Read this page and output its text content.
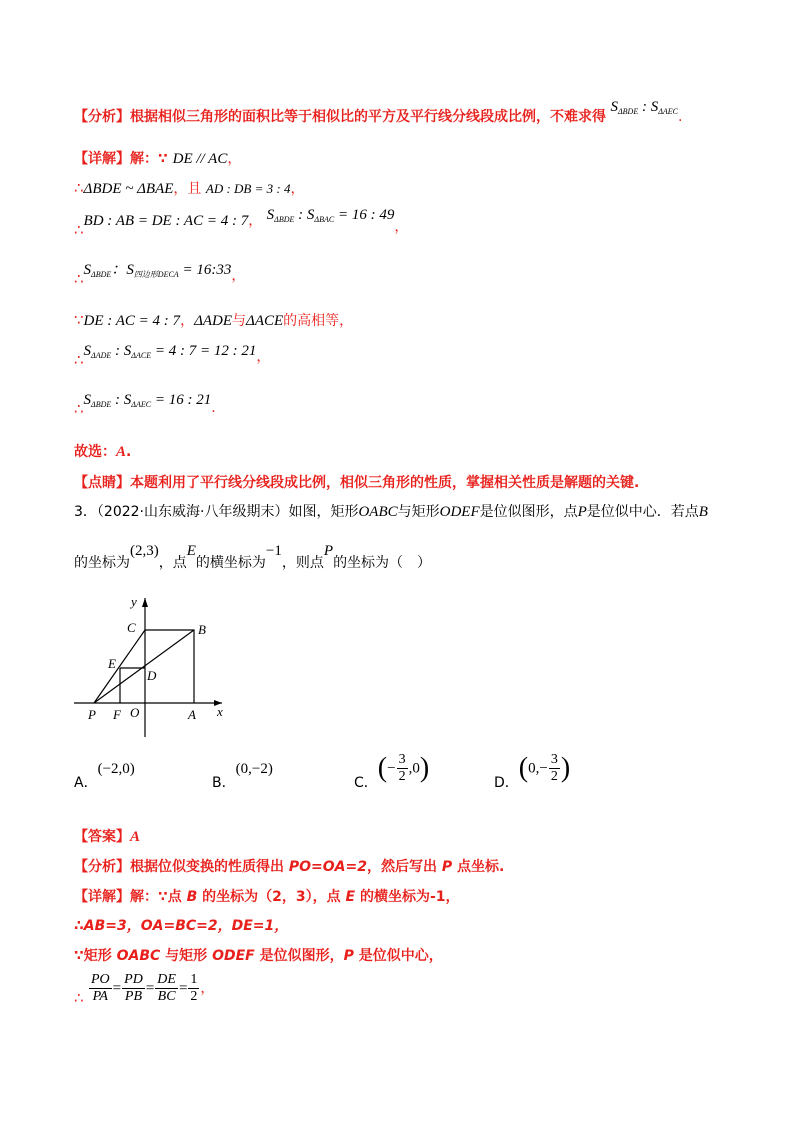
【分析】根据相似三角形的面积比等于相似比的平方及平行线分线段成比例，不难求得 $S_{\Delta BDE}$ : $S_{\Delta AEC}$.
【详解】解：∵ DE // AC，
∴ΔBDE ~ ΔBAE，且 AD : DB = 3 : 4，
∴BD : AB = DE : AC = 4 : 7， $S_{\Delta BDE}$ : $S_{\Delta BAC} = 16$ : 49，
$\therefore S_{\Delta BDE}$：$S_{四边形DECA}$ = 16:33，
∵DE : AC = 4 : 7，ΔADE与ΔACE的高相等，
$\therefore S_{\Delta ADE}$ : $S_{\Delta ACE} = 4$ : 7 = 12 : 21，
$\therefore S_{\Delta BDE}$ : $S_{\Delta AEC} = 16$ : 21.
故选：A.
【点睛】本题利用了平行线分线段成比例，相似三角形的性质，掌握相关性质是解题的关键.
3．（2022·山东威海·八年级期末）如图，矩形OABC与矩形ODEF是位似图形，点P是位似中心．若点B
的坐标为(2,3)，点E的横坐标为−1，则点P的坐标为（　）
y
x
C	B
E
D
P F O	A
A．(−2,0)
B．(0,−2)
C．(− $\frac{3}{2} ,0$)	D．($0,- \frac{3}{2}$ )
【答案】A
【分析】根据位似变换的性质得出 PO=OA=2，然后写出 P 点坐标.
【详解】解：∵点 B 的坐标为（2，3），点 E 的横坐标为-1，
∴AB=3，OA=BC=2，DE=1，
∵矩形 OABC 与矩形 ODEF 是位似图形，P 是位似中心，
∴ $\frac{PO}{PA} = \frac{PD}{PB} = \frac{DE}{BC} = \frac{1}{2}$ ，
